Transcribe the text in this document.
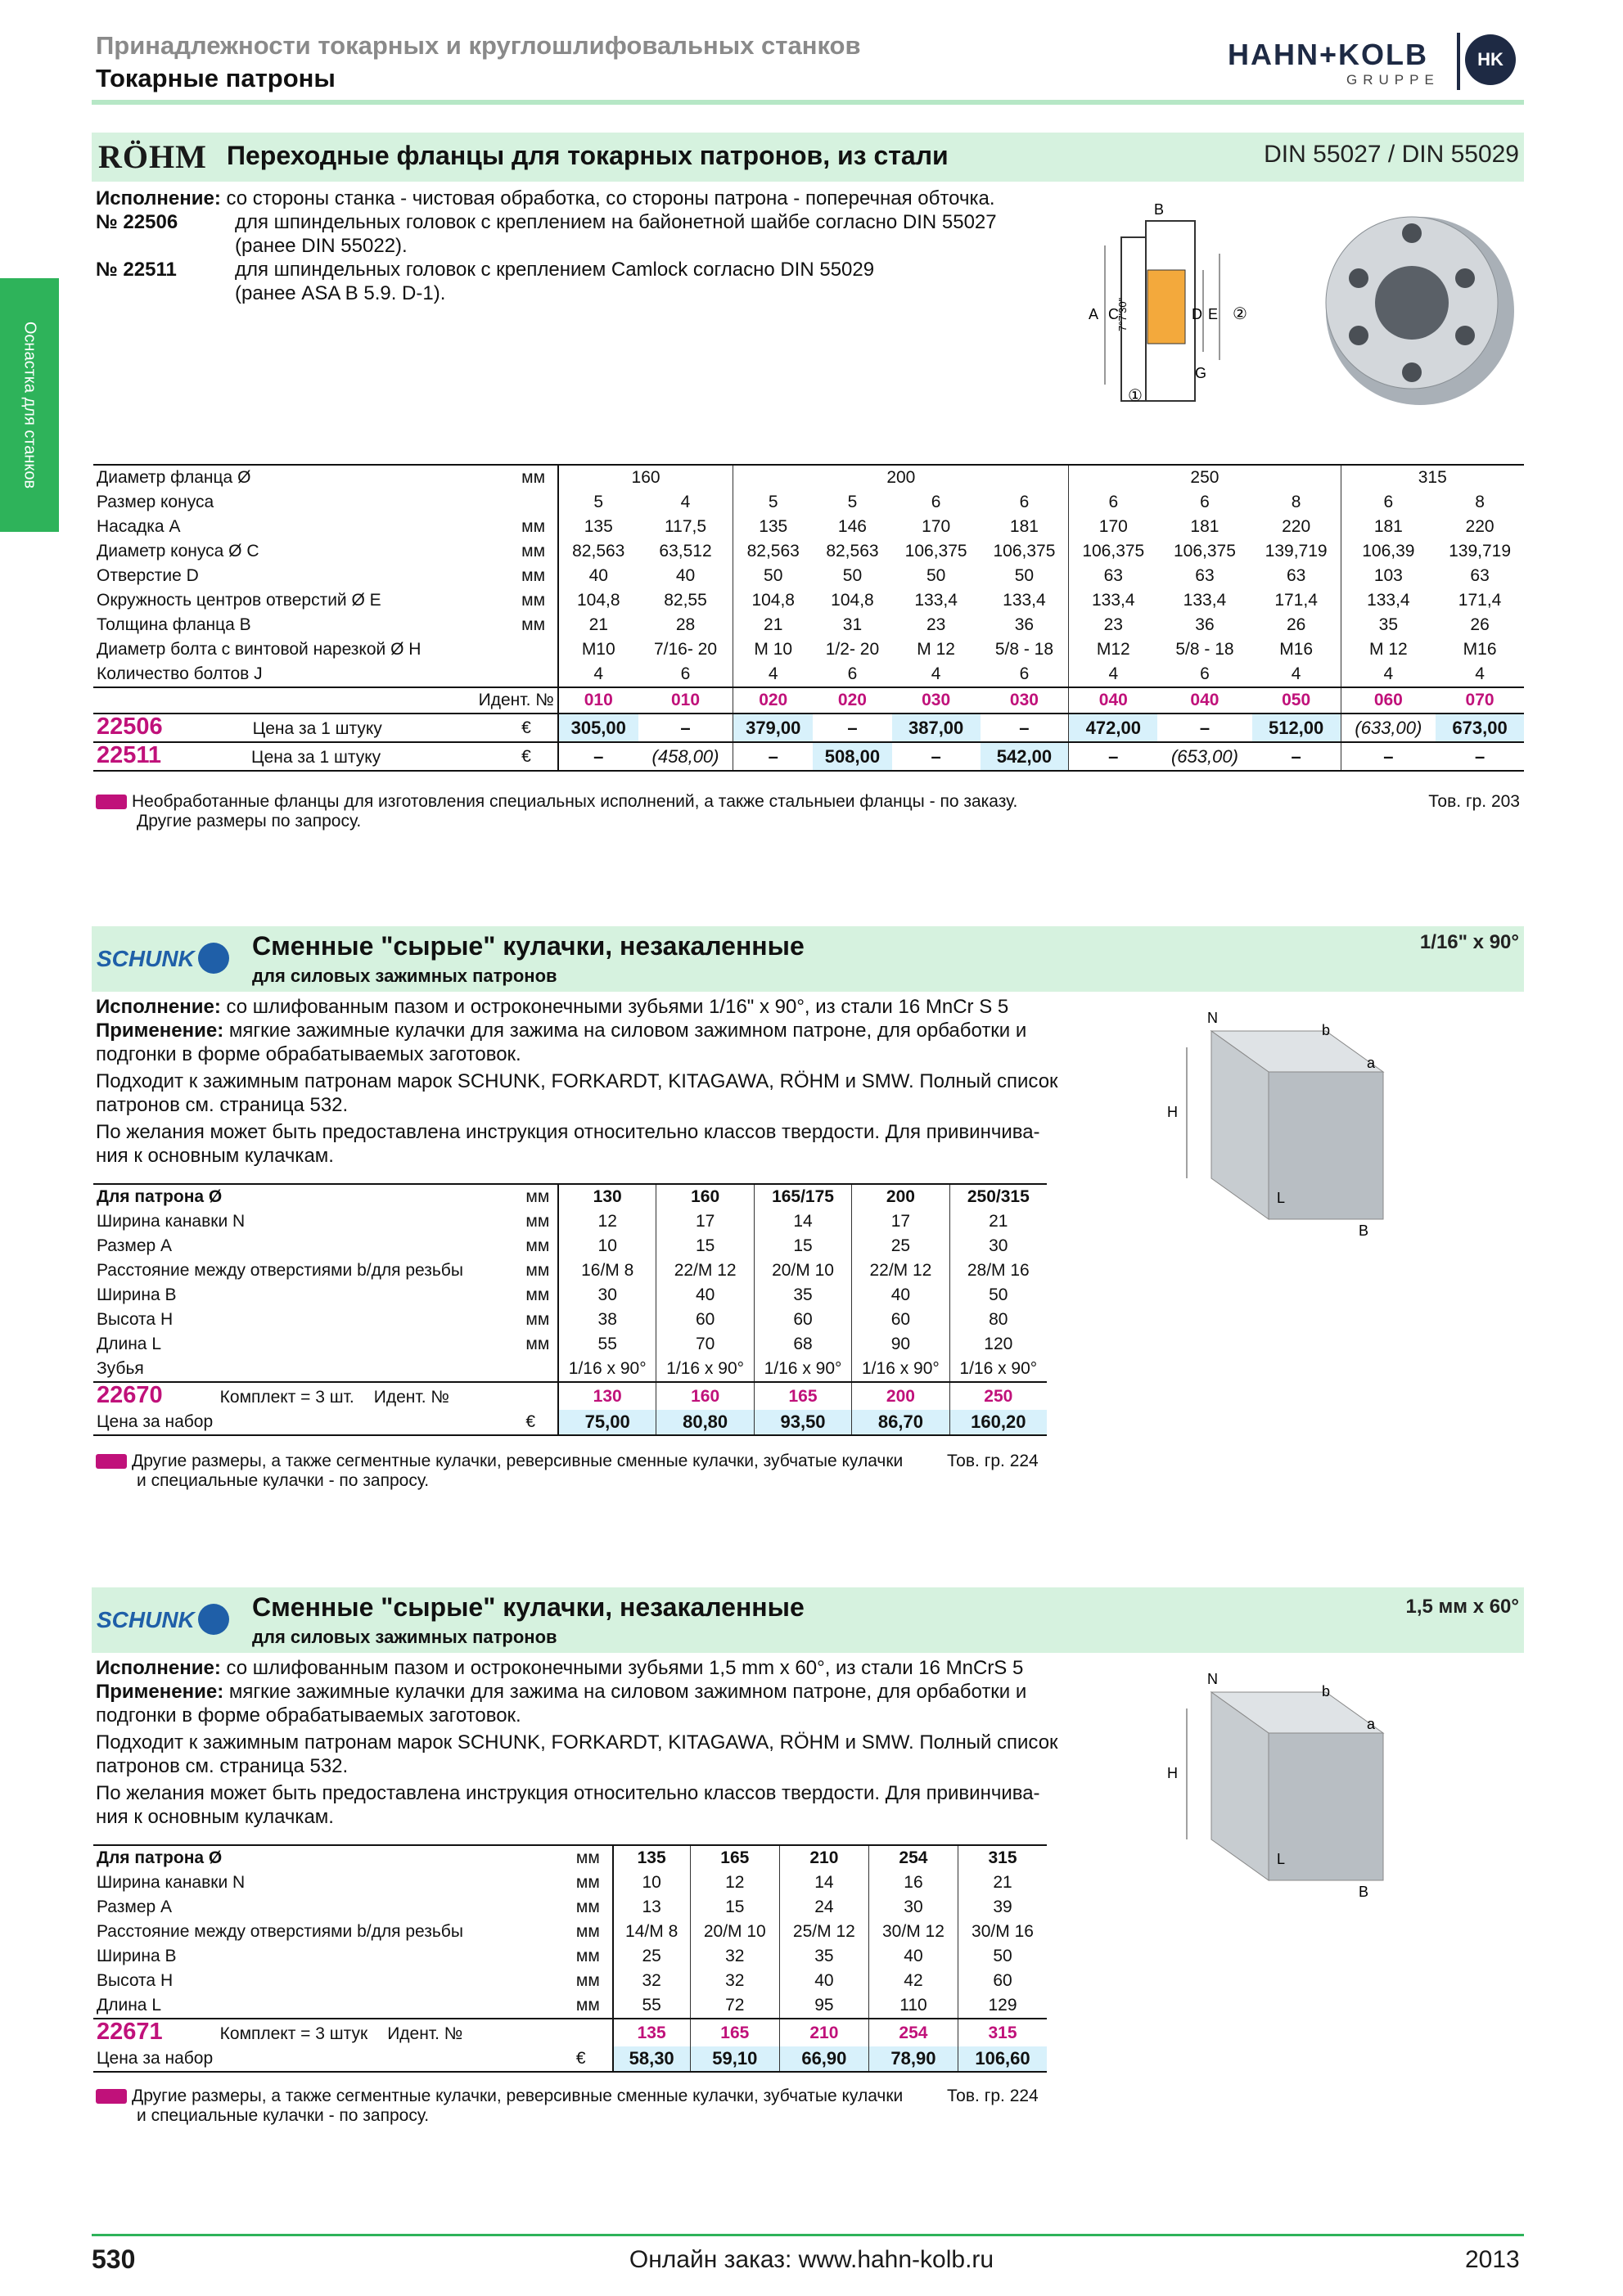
Принадлежности токарных и круглошлифовальных станков
Токарные патроны
HAHN+KOLB
GRUPPE
HK
Оснастка для станков
RÖHM Переходные фланцы для токарных патронов, из стали	DIN 55027 / DIN 55029
Исполнение: со стороны станка - чистовая обработка, со стороны патрона - поперечная обточка.
№ 22506	для шпиндельных головок с креплением на байонетной шайбе согласно DIN 55027
(ранее DIN 55022).
№ 22511	для шпиндельных головок с креплением Camlock согласно DIN 55029
(ранее ASA B 5.9. D-1).
B
A C	D E
G
7°7'30"
①
②
Диаметр фланца Ø	мм	160		200				250			315	
Размер конуса		5	4	5	5	6	6	6	6	8	6	8
Насадка A	мм	135	117,5	135	146	170	181	170	181	220	181	220
Диаметр конуса Ø C	мм	82,563	63,512	82,563	82,563	106,375	106,375	106,375	106,375	139,719	106,39	139,719
Отверстие D	мм	40	40	50	50	50	50	63	63	63	103	63
Окружность центров отверстий Ø E	мм	104,8	82,55	104,8	104,8	133,4	133,4	133,4	133,4	171,4	133,4	171,4
Толщина фланца B	мм	21	28	21	31	23	36	23	36	26	35	26
Диаметр болта с винтовой нарезкой Ø H		M10	7/16- 20	M 10	1/2- 20	M 12	5/8 - 18	M12	5/8 - 18	M16	M 12	M16
Количество болтов J		4	6	4	6	4	6	4	6	4	4	4
Идент. №		010	010	020	020	030	030	040	040	050	060	070
22506 Цена за 1 штуку	€	305,00	–	379,00	–	387,00	–	472,00	–	512,00	(633,00)	673,00
22511 Цена за 1 штуку	€	–	(458,00)	–	508,00	–	542,00	–	(653,00)	–	–	–
Необработанные фланцы для изготовления специальных исполнений, а также стальныеи фланцы - по заказу.
Другие размеры по запросу.
Тов. гр. 203
SCHUNK Сменные "сырые" кулачки, незакаленные
для силовых зажимных патронов
1/16" x 90°
Исполнение: со шлифованным пазом и остроконечными зубьями 1/16" x 90°, из стали 16 MnCr S 5
Применение: мягкие зажимные кулачки для зажима на силовом зажимном патроне, для орбаботки и
подгонки в форме обрабатываемых заготовок.
Подходит к зажимным патронам марок SCHUNK, FORKARDT, KITAGAWA, RÖHM и SMW. Полный список
патронов см. страница 532.
По желания может быть предоставлена инструкция относительно классов твердости. Для привинчива-
ния к основным кулачкам.
H
N
b
a
L
B
Для патрона Ø	мм	130	160	165/175	200	250/315
Ширина канавки N	мм	12	17	14	17	21
Размер A	мм	10	15	15	25	30
Расстояние между отверстиями b/для резьбы	мм	16/M 8	22/M 12	20/M 10	22/M 12	28/M 16
Ширина B	мм	30	40	35	40	50
Высота H	мм	38	60	60	60	80
Длина L	мм	55	70	68	90	120
Зубья		1/16 x 90°	1/16 x 90°	1/16 x 90°	1/16 x 90°	1/16 x 90°
22670 Комплект = 3 шт. Идент. №		130	160	165	200	250
Цена за набор	€	75,00	80,80	93,50	86,70	160,20
Другие размеры, а также сегментные кулачки, реверсивные сменные кулачки, зубчатые кулачки
и специальные кулачки - по запросу.
Тов. гр. 224
SCHUNK Сменные "сырые" кулачки, незакаленные
для силовых зажимных патронов
1,5 мм x 60°
Исполнение: со шлифованным пазом и остроконечными зубьями 1,5 mm x 60°, из стали 16 MnCrS 5
Применение: мягкие зажимные кулачки для зажима на силовом зажимном патроне, для орбаботки и
подгонки в форме обрабатываемых заготовок.
Подходит к зажимным патронам марок SCHUNK, FORKARDT, KITAGAWA, RÖHM и SMW. Полный список
патронов см. страница 532.
По желания может быть предоставлена инструкция относительно классов твердости. Для привинчива-
ния к основным кулачкам.
H
N
b
a
L
B
Для патрона Ø	мм	135	165	210	254	315
Ширина канавки N	мм	10	12	14	16	21
Размер A	мм	13	15	24	30	39
Расстояние между отверстиями b/для резьбы	мм	14/M 8	20/M 10	25/M 12	30/M 12	30/M 16
Ширина B	мм	25	32	35	40	50
Высота H	мм	32	32	40	42	60
Длина L	мм	55	72	95	110	129
22671 Комплект = 3 штук Идент. №		135	165	210	254	315
Цена за набор	€	58,30	59,10	66,90	78,90	106,60
Другие размеры, а также сегментные кулачки, реверсивные сменные кулачки, зубчатые кулачки
и специальные кулачки - по запросу.
Тов. гр. 224
530	Онлайн заказ: www.hahn-kolb.ru	2013
